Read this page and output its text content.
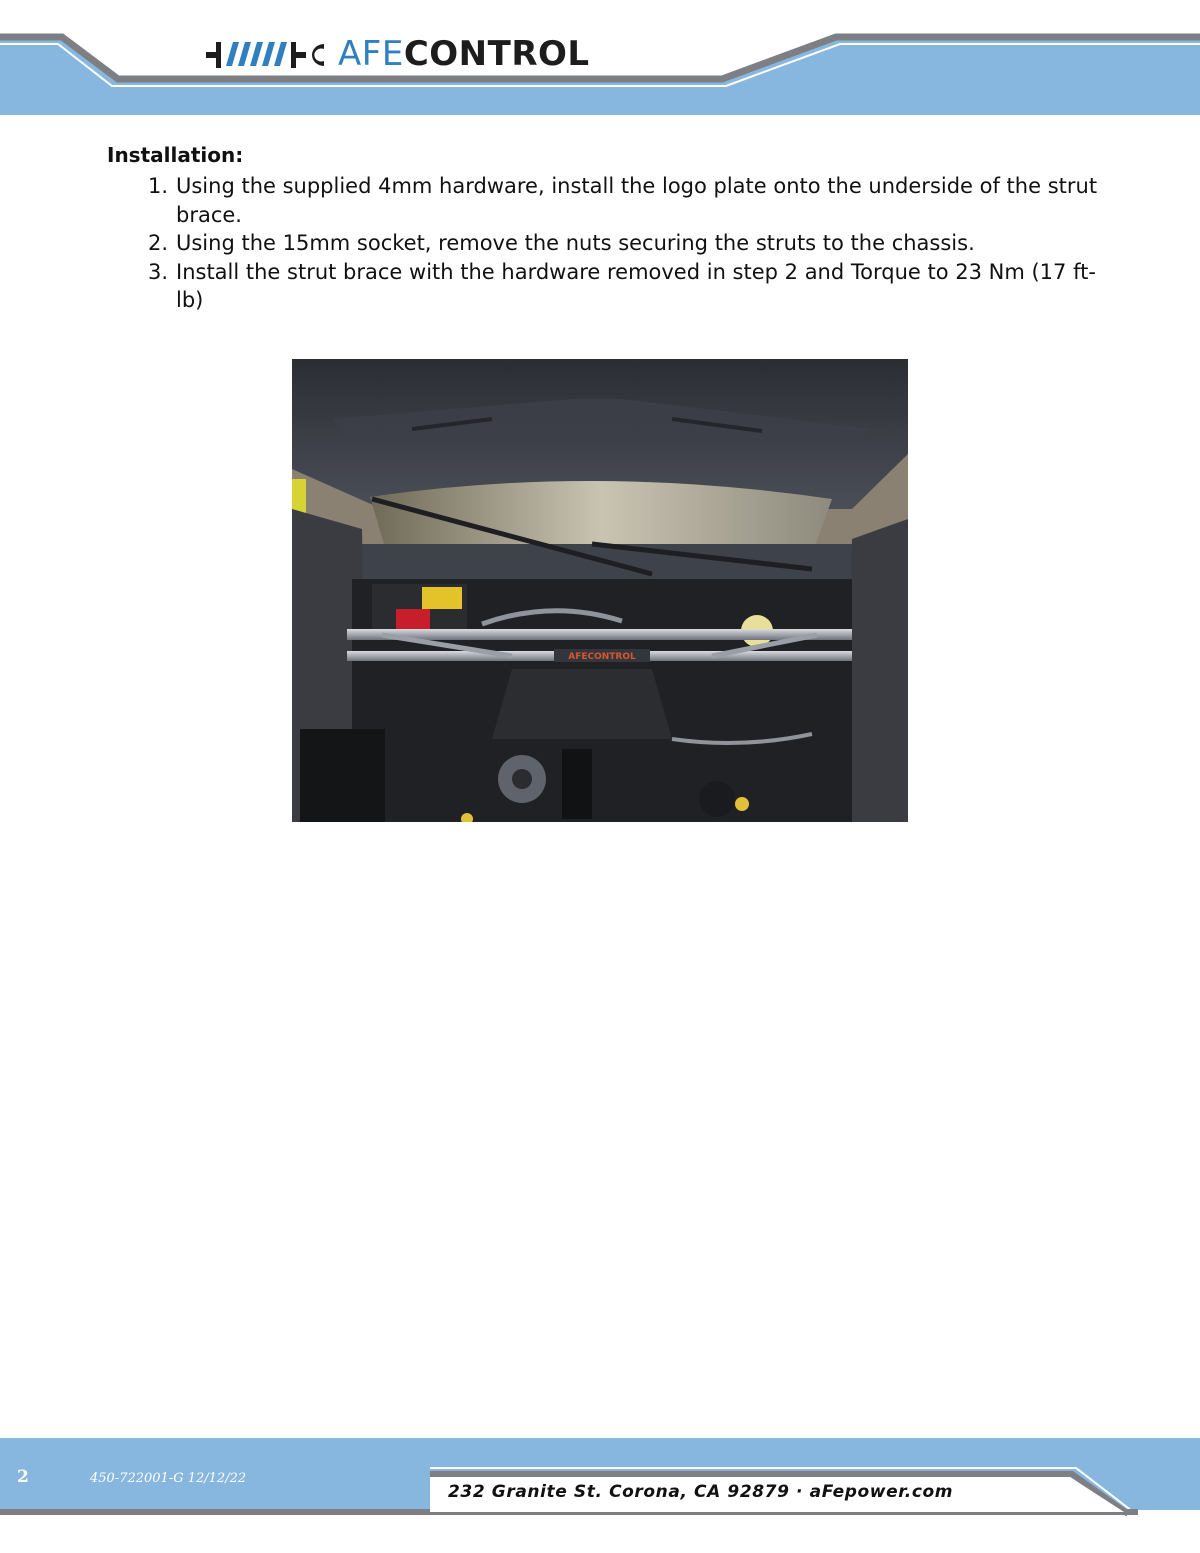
AFE CONTROL
Installation:
1. Using the supplied 4mm hardware, install the logo plate onto the underside of the strut brace.
2. Using the 15mm socket, remove the nuts securing the struts to the chassis.
3. Install the strut brace with the hardware removed in step 2 and Torque to 23 Nm (17 ft-lb)
AFECONTROL
2	450-722001-G 12/12/22
232 Granite St. Corona, CA 92879 · aFepower.com
